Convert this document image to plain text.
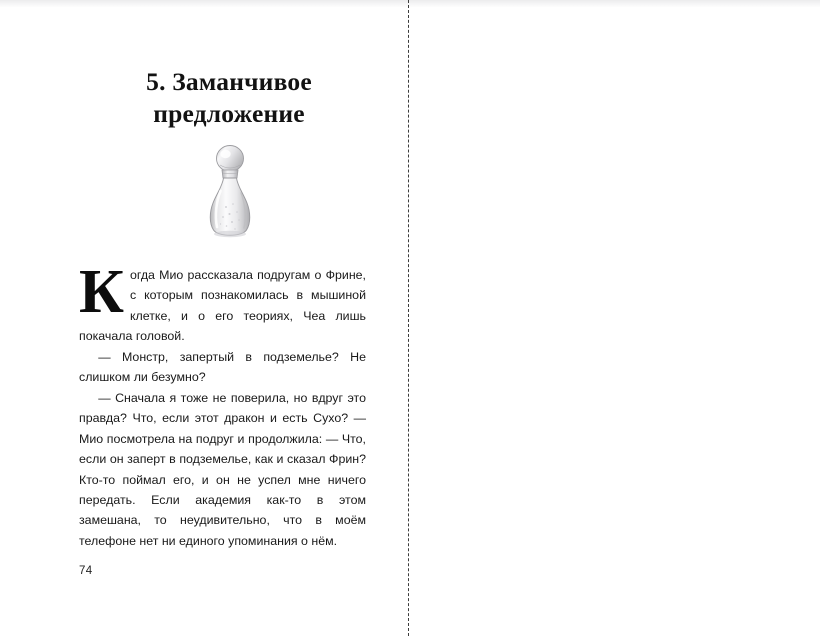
5. Заманчивое
предложение

Когда Мио рассказала подругам о Фрине, с которым познакомилась в мышиной клетке, и о его теориях, Чеа лишь покачала головой.

— Монстр, запертый в подземелье? Не слишком ли безумно?

— Сначала я тоже не поверила, но вдруг это правда? Что, если этот дракон и есть Сухо? — Мио посмотрела на подруг и продолжила: — Что, если он заперт в подземелье, как и сказал Фрин? Кто-то поймал его, и он не успел мне ничего передать. Если академия как-то в этом замешана, то неудивительно, что в моём телефоне нет ни единого упоминания о нём.

74
